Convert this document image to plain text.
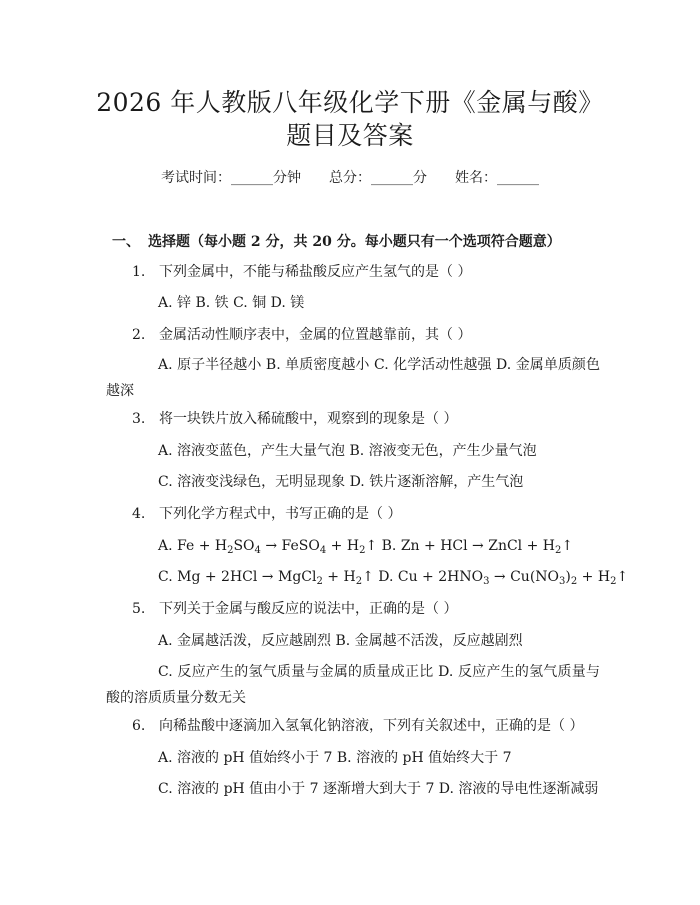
2026 年人教版八年级化学下册《金属与酸》
题目及答案
考试时间：______分钟 总分：______分 姓名：______
一、 选择题（每小题 2 分，共 20 分。每小题只有一个选项符合题意）
1. 下列金属中，不能与稀盐酸反应产生氢气的是（ ）
A. 锌 B. 铁 C. 铜 D. 镁
2. 金属活动性顺序表中，金属的位置越靠前，其（ ）
A. 原子半径越小 B. 单质密度越小 C. 化学活动性越强 D. 金属单质颜色越深
3. 将一块铁片放入稀硫酸中，观察到的现象是（ ）
A. 溶液变蓝色，产生大量气泡 B. 溶液变无色，产生少量气泡
C. 溶液变浅绿色，无明显现象 D. 铁片逐渐溶解，产生气泡
4. 下列化学方程式中，书写正确的是（ ）
A. $Fe + H_2SO_4$ → FeSO$_4$ + $H_2↑$ B. Zn + HCl → ZnCl + $H_2↑$
C. Mg + 2HCl → MgCl$_2$ + $H_2↑$ D. $Cu + 2HNO_3 \to Cu(NO_3)_2$ + $H_2↑$
5. 下列关于金属与酸反应的说法中，正确的是（ ）
A. 金属越活泼，反应越剧烈 B. 金属越不活泼，反应越剧烈
C. 反应产生的氢气质量与金属的质量成正比 D. 反应产生的氢气质量与酸的溶质质量分数无关
6. 向稀盐酸中逐滴加入氢氧化钠溶液，下列有关叙述中，正确的是（ ）
A. 溶液的 pH 值始终小于 7 B. 溶液的 pH 值始终大于 7
C. 溶液的 pH 值由小于 7 逐渐增大到大于 7 D. 溶液的导电性逐渐减弱
